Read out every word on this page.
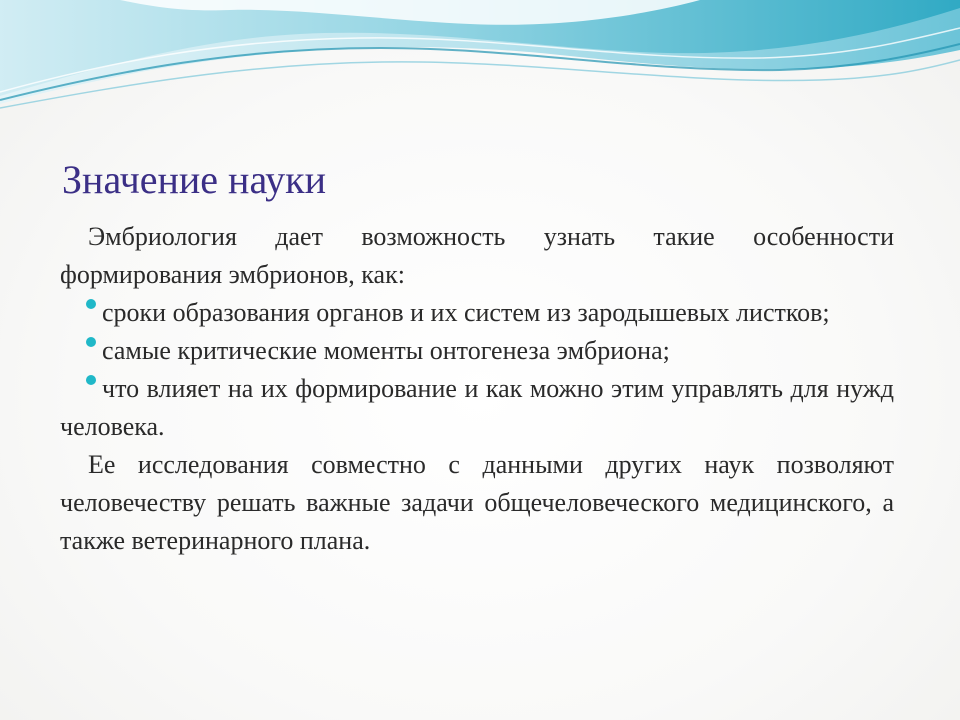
Значение науки

Эмбриология дает возможность узнать такие особенности формирования эмбрионов, как:

сроки образования органов и их систем из зародышевых листков;
самые критические моменты онтогенеза эмбриона;
что влияет на их формирование и как можно этим управлять для нужд человека.

Ее исследования совместно с данными других наук позволяют человечеству решать важные задачи общечеловеческого медицинского, а также ветеринарного плана.
